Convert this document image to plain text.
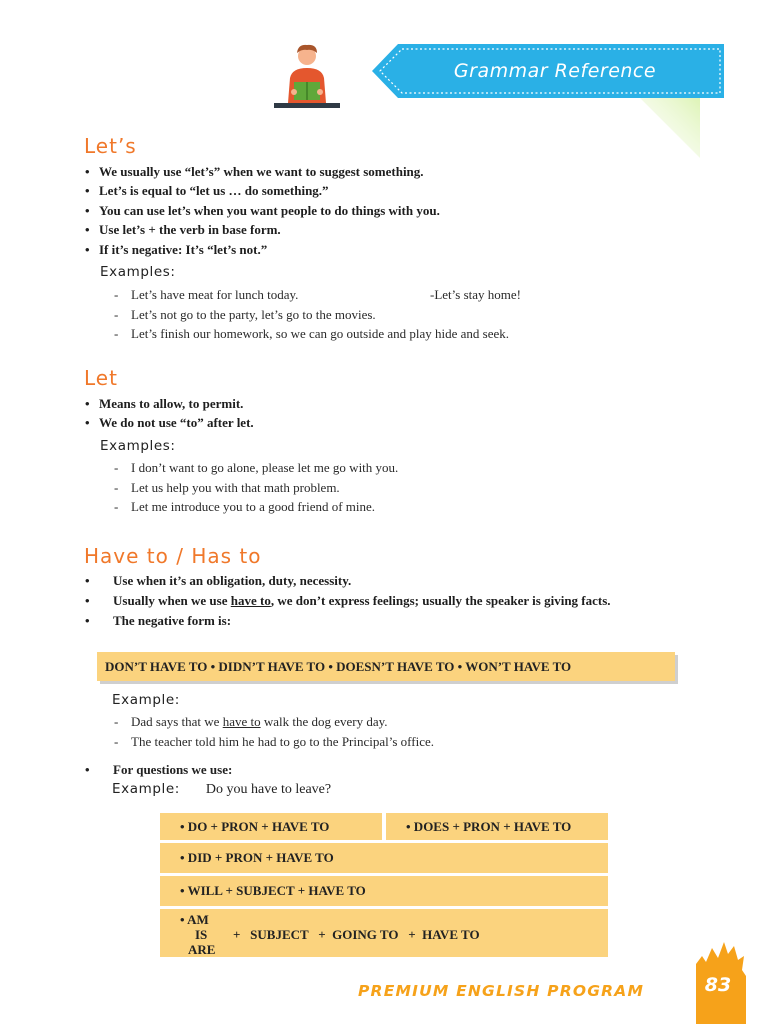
Grammar Reference
Let’s
• We usually use “let’s” when we want to suggest something.
• Let’s is equal to “let us … do something.”
• You can use let’s when you want people to do things with you.
• Use let’s + the verb in base form.
• If it’s negative: It’s “let’s not.”
Examples:
- Let’s have meat for lunch today.
- Let’s not go to the party, let’s go to the movies.
- Let’s finish our homework, so we can go outside and play hide and seek.
-Let’s stay home!
Let
• Means to allow, to permit.
• We do not use “to” after let.
Examples:
- I don’t want to go alone, please let me go with you.
- Let us help you with that math problem.
- Let me introduce you to a good friend of mine.
Have to / Has to
• Use when it’s an obligation, duty, necessity.
• Usually when we use have to, we don’t express feelings; usually the speaker is giving facts.
• The negative form is:
DON’T HAVE TO • DIDN’T HAVE TO • DOESN’T HAVE TO • WON’T HAVE TO
Example:
- Dad says that we have to walk the dog every day.
- The teacher told him he had to go to the Principal’s office.
• For questions we use:
Example: Do you have to leave?
• DO + PRON + HAVE TO	• DOES + PRON + HAVE TO
• DID + PRON + HAVE TO
• WILL + SUBJECT + HAVE TO
• AM
IS
ARE
+   SUBJECT   +  GOING TO   +  HAVE TO
PREMIUM ENGLISH PROGRAM	83
